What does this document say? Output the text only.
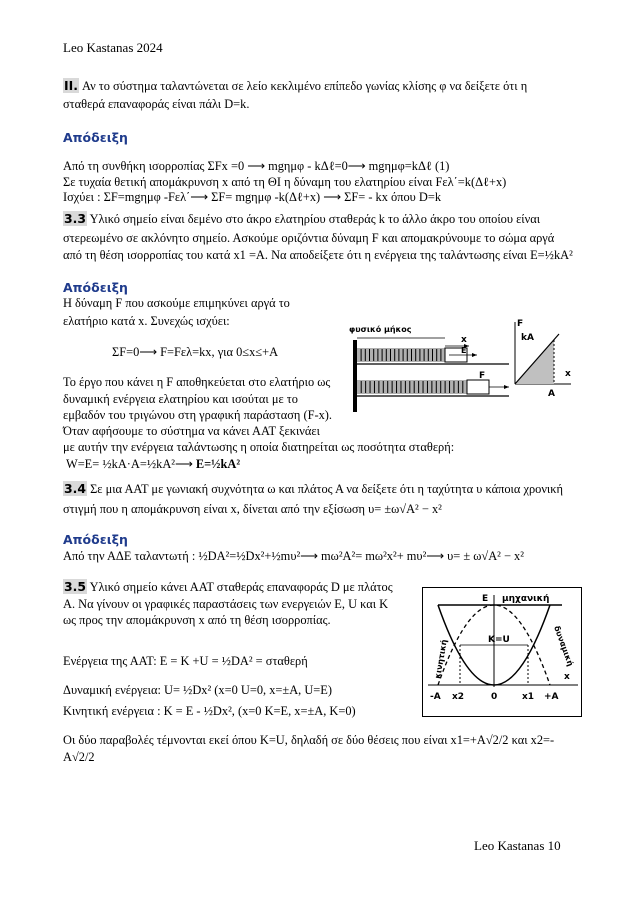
Leo Kastanas 2024
II. Αν το σύστημα ταλαντώνεται σε λείο κεκλιμένο επίπεδο γωνίας κλίσης φ να δείξετε ότι η
σταθερά επαναφοράς είναι πάλι D=k.
Απόδειξη
Από τη συνθήκη ισορροπίας ΣFx =0 ⟶ mgημφ - kΔℓ=0⟶ mgημφ=kΔℓ (1)
Σε τυχαία θετική απομάκρυνση x από τη ΘΙ η δύναμη του ελατηρίου είναι Fελ΄=k(Δℓ+x)
Ισχύει : ΣF=mgημφ -Fελ΄⟶ ΣF= mgημφ -k(Δℓ+x) ⟶ ΣF= - kx όπου D=k
3.3 Υλικό σημείο είναι δεμένο στο άκρο ελατηρίου σταθεράς k το άλλο άκρο του οποίου είναι
στερεωμένο σε ακλόνητο σημείο. Ασκούμε οριζόντια δύναμη F και απομακρύνουμε το σώμα αργά
από τη θέση ισορροπίας του κατά x1 =A. Να αποδείξετε ότι η ενέργεια της ταλάντωσης είναι E=½kA²
Απόδειξη
Η δύναμη F που ασκούμε επιμηκύνει αργά το
ελατήριο κατά x. Συνεχώς ισχύει:
ΣF=0⟶ F=Fελ=kx, για 0≤x≤+A
Το έργο που κάνει η F αποθηκεύεται στο ελατήριο ως
δυναμική ενέργεια ελατηρίου και ισούται με το
εμβαδόν του τριγώνου στη γραφική παράσταση (F-x).
Όταν αφήσουμε το σύστημα να κάνει ΑΑΤ ξεκινάει
με αυτήν την ενέργεια ταλάντωσης η οποία διατηρείται ως ποσότητα σταθερή:
W=E= ½kA·A=½kA²⟶ E=½kA²
φυσικό μήκος
x
E
F
F
kA
x
A
3.4 Σε μια ΑΑΤ με γωνιακή συχνότητα ω και πλάτος Α να δείξετε ότι η ταχύτητα υ κάποια χρονική
στιγμή που η απομάκρυνση είναι x, δίνεται από την εξίσωση υ= ±ω√A² − x²
Απόδειξη
Από την ΑΔΕ ταλαντωτή : ½DA²=½Dx²+½mυ²⟶ mω²A²= mω²x²+ mυ²⟶ υ= ± ω√A² − x²
3.5 Υλικό σημείο κάνει ΑΑΤ σταθεράς επαναφοράς D με πλάτος
Α. Να γίνουν οι γραφικές παραστάσεις των ενεργειών Ε, U και Κ
ως προς την απομάκρυνση x από τη θέση ισορροπίας.
Ενέργεια της ΑΑΤ: E = K +U = ½DA² = σταθερή
Δυναμική ενέργεια: U= ½Dx² (x=0 U=0, x=±A, U=E)
Κινητική ενέργεια : K = E - ½Dx², (x=0 K=E, x=±A, K=0)
Οι δύο παραβολές τέμνονται εκεί όπου K=U, δηλαδή σε δύο θέσεις που είναι x1=+A√2/2 και x2=-
A√2/2
E μηχανική
δυναμική
κινητική	K=U
x
-A x2	0	x1 +A
Leo Kastanas 10
